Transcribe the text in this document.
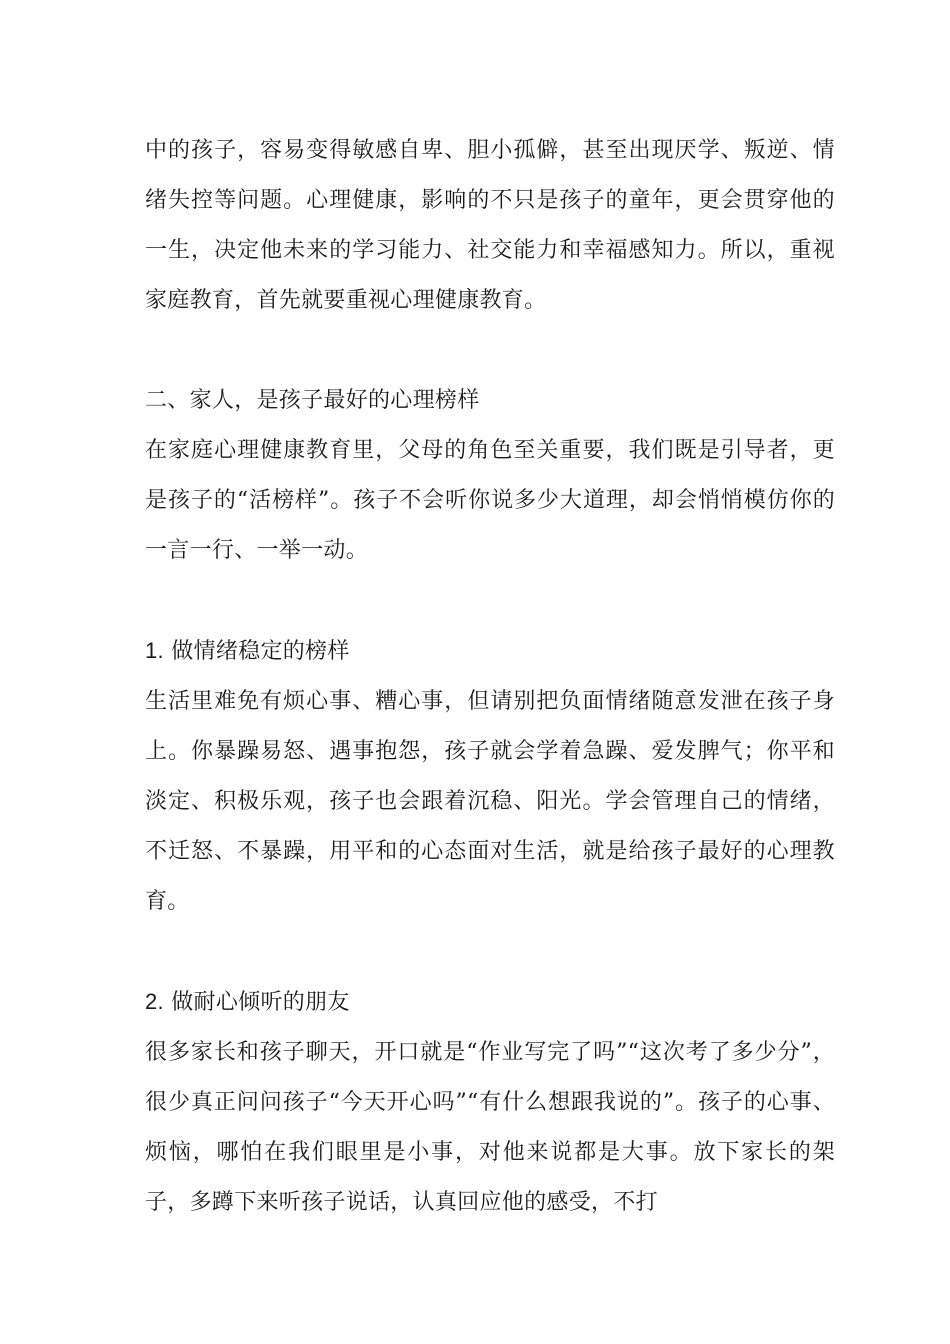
中的孩子，容易变得敏感自卑、胆小孤僻，甚至出现厌学、叛逆、情绪失控等问题。心理健康，影响的不只是孩子的童年，更会贯穿他的一生，决定他未来的学习能力、社交能力和幸福感知力。所以，重视家庭教育，首先就要重视心理健康教育。

二、家人，是孩子最好的心理榜样

在家庭心理健康教育里，父母的角色至关重要，我们既是引导者，更是孩子的“活榜样”。孩子不会听你说多少大道理，却会悄悄模仿你的一言一行、一举一动。

1. 做情绪稳定的榜样

生活里难免有烦心事、糟心事，但请别把负面情绪随意发泄在孩子身上。你暴躁易怒、遇事抱怨，孩子就会学着急躁、爱发脾气；你平和淡定、积极乐观，孩子也会跟着沉稳、阳光。学会管理自己的情绪，不迁怒、不暴躁，用平和的心态面对生活，就是给孩子最好的心理教育。

2. 做耐心倾听的朋友

很多家长和孩子聊天，开口就是“作业写完了吗”“这次考了多少分”，很少真正问问孩子“今天开心吗”“有什么想跟我说的”。孩子的心事、烦恼，哪怕在我们眼里是小事，对他来说都是大事。放下家长的架子，多蹲下来听孩子说话，认真回应他的感受，不打
